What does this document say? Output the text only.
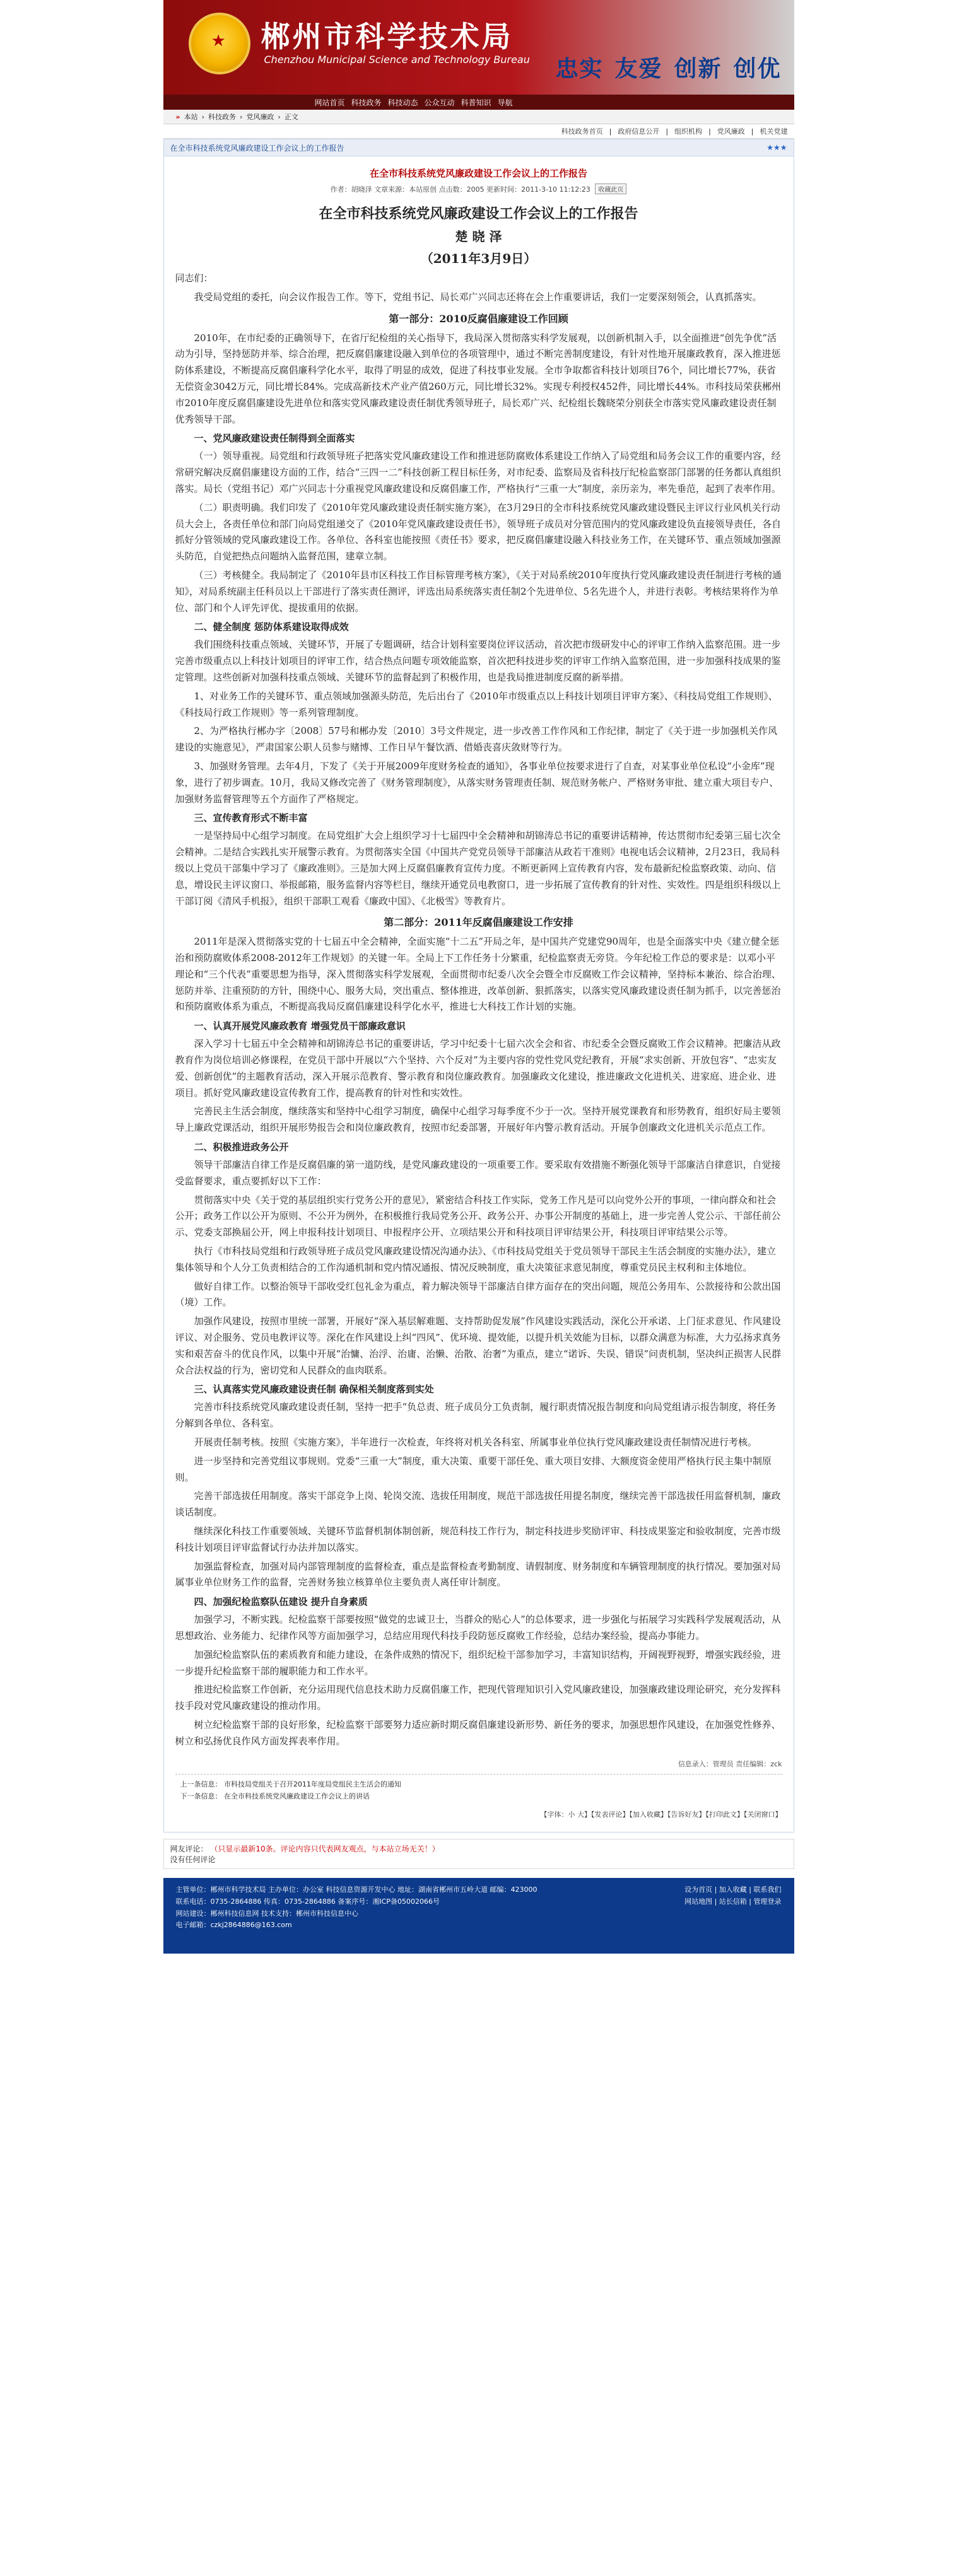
★ 郴州市科学技术局
Chenzhou Municipal Science and Technology Bureau 忠实 友爱 创新 创优
网站首页 科技政务 科技动态 公众互动 科普知识 导航
» 本站 › 科技政务 › 党风廉政 › 正文
科技政务首页 | 政府信息公开 | 组织机构 | 党风廉政 | 机关党建
在全市科技系统党风廉政建设工作会议上的工作报告	★★★
在全市科技系统党风廉政建设工作会议上的工作报告
作者：胡晓泽 文章来源：本站原创 点击数：2005 更新时间：2011-3-10 11:12:23 收藏此页
在全市科技系统党风廉政建设工作会议上的工作报告
楚 晓 泽
（2011年3月9日）

同志们：

我受局党组的委托，向会议作报告工作。等下，党组书记、局长邓广兴同志还将在会上作重要讲话，我们一定要深刻领会，认真抓落实。

第一部分：2010反腐倡廉建设工作回顾

2010年，在市纪委的正确领导下，在省厅纪检组的关心指导下，我局深入贯彻落实科学发展观，以创新机制入手，以全面推进“创先争优”活动为引导，坚持惩防并举、综合治理，把反腐倡廉建设融入到单位的各项管理中，通过不断完善制度建设，有针对性地开展廉政教育，深入推进惩防体系建设，不断提高反腐倡廉科学化水平，取得了明显的成效，促进了科技事业发展。全市争取都省科技计划项目76个，同比增长77%，获省无偿资金3042万元，同比增长84%。完成高新技术产业产值260万元，同比增长32%。实现专利授权452件，同比增长44%。市科技局荣获郴州市2010年度反腐倡廉建设先进单位和落实党风廉政建设责任制优秀领导班子，局长邓广兴、纪检组长魏晓荣分别获全市落实党风廉政建设责任制优秀领导干部。

一、党风廉政建设责任制得到全面落实

（一）领导重视。局党组和行政领导班子把落实党风廉政建设工作和推进惩防腐败体系建设工作纳入了局党组和局务会议工作的重要内容，经常研究解决反腐倡廉建设方面的工作，结合“三四一二”科技创新工程目标任务，对市纪委、监察局及省科技厅纪检监察部门部署的任务都认真组织落实。局长（党组书记）邓广兴同志十分重视党风廉政建设和反腐倡廉工作，严格执行“三重一大”制度，亲历亲为，率先垂范，起到了表率作用。

（二）职责明确。我们印发了《2010年党风廉政建设责任制实施方案》，在3月29日的全市科技系统党风廉政建设暨民主评议行业风机关行动员大会上，各责任单位和部门向局党组递交了《2010年党风廉政建设责任书》，领导班子成员对分管范围内的党风廉政建设负直接领导责任，各自抓好分管领域的党风廉政建设工作。各单位、各科室也能按照《责任书》要求，把反腐倡廉建设融入科技业务工作，在关键环节、重点领域加强源头防范，自觉把热点问题纳入监督范围，建章立制。

（三）考核健全。我局制定了《2010年县市区科技工作目标管理考核方案》，《关于对局系统2010年度执行党风廉政建设责任制进行考核的通知》，对局系统副主任科员以上干部进行了落实责任测评，评选出局系统落实责任制2个先进单位、5名先进个人，并进行表彰。考核结果将作为单位、部门和个人评先评优、提拔重用的依据。

二、健全制度 惩防体系建设取得成效

我们围绕科技重点领域、关键环节，开展了专题调研，结合计划科室要岗位评议活动，首次把市级研发中心的评审工作纳入监察范围。进一步完善市级重点以上科技计划项目的评审工作，结合热点问题专项效能监察，首次把科技进步奖的评审工作纳入监察范围，进一步加强科技成果的鉴定管理。这些创新对加强科技重点领域、关键环节的监督起到了积极作用，也是我局推进制度反腐的新举措。

1、对业务工作的关键环节、重点领域加强源头防范，先后出台了《2010年市级重点以上科技计划项目评审方案》、《科技局党组工作规则》、《科技局行政工作规则》等一系列管理制度。

2、为严格执行郴办字〔2008〕57号和郴办发〔2010〕3号文件规定，进一步改善工作作风和工作纪律，制定了《关于进一步加强机关作风建设的实施意见》，严肃国家公职人员参与赌博、工作日早午餐饮酒、借婚丧喜庆敛财等行为。

3、加强财务管理。去年4月，下发了《关于开展2009年度财务检查的通知》，各事业单位按要求进行了自查，对某事业单位私设“小金库”现象，进行了初步调查。10月，我局又修改完善了《财务管理制度》，从落实财务管理责任制、规范财务帐户、严格财务审批、建立重大项目专户、加强财务监督管理等五个方面作了严格规定。

三、宣传教育形式不断丰富

一是坚持局中心组学习制度。在局党组扩大会上组织学习十七届四中全会精神和胡锦涛总书记的重要讲话精神，传达贯彻市纪委第三届七次全会精神。二是结合实践扎实开展警示教育。为贯彻落实全国《中国共产党党员领导干部廉洁从政若干准则》电视电话会议精神，2月23日，我局科级以上党员干部集中学习了《廉政准则》。三是加大网上反腐倡廉教育宣传力度。不断更新网上宣传教育内容，发布最新纪检监察政策、动向、信息，增设民主评议窗口、举报邮箱，服务监督内容等栏目，继续开通党员电教窗口，进一步拓展了宣传教育的针对性、实效性。四是组织科级以上干部订阅《清风手机报》，组织干部职工观看《廉政中国》、《北极雪》等教育片。

第二部分：2011年反腐倡廉建设工作安排

2011年是深入贯彻落实党的十七届五中全会精神，全面实施“十二五”开局之年，是中国共产党建党90周年，也是全面落实中央《建立健全惩治和预防腐败体系2008-2012年工作规划》的关键一年。全局上下工作任务十分繁重，纪检监察责无旁贷。今年纪检工作总的要求是：以邓小平理论和“三个代表”重要思想为指导，深入贯彻落实科学发展观，全面贯彻市纪委八次全会暨全市反腐败工作会议精神，坚持标本兼治、综合治理、惩防并举、注重预防的方针，围绕中心、服务大局，突出重点、整体推进，改革创新、狠抓落实，以落实党风廉政建设责任制为抓手，以完善惩治和预防腐败体系为重点，不断提高我局反腐倡廉建设科学化水平，推进七大科技工作计划的实施。

一、认真开展党风廉政教育 增强党员干部廉政意识

深入学习十七届五中全会精神和胡锦涛总书记的重要讲话，学习中纪委十七届六次全会和省、市纪委全会暨反腐败工作会议精神。把廉洁从政教育作为岗位培训必修课程，在党员干部中开展以“六个坚持、六个反对”为主要内容的党性党风党纪教育，开展“求实创新、开放包容”、“忠实友爱、创新创优”的主题教育活动，深入开展示范教育、警示教育和岗位廉政教育。加强廉政文化建设，推进廉政文化进机关、进家庭、进企业、进项目。抓好党风廉政建设宣传教育工作，提高教育的针对性和实效性。

完善民主生活会制度，继续落实和坚持中心组学习制度，确保中心组学习每季度不少于一次。坚持开展党课教育和形势教育，组织好局主要领导上廉政党课活动，组织开展形势报告会和岗位廉政教育，按照市纪委部署，开展好年内警示教育活动。开展争创廉政文化进机关示范点工作。

二、积极推进政务公开

领导干部廉洁自律工作是反腐倡廉的第一道防线，是党风廉政建设的一项重要工作。要采取有效措施不断强化领导干部廉洁自律意识，自觉接受监督要求，重点要抓好以下工作：

贯彻落实中央《关于党的基层组织实行党务公开的意见》，紧密结合科技工作实际，党务工作凡是可以向党外公开的事项，一律向群众和社会公开；政务工作以公开为原则、不公开为例外，在积极推行我局党务公开、政务公开、办事公开制度的基础上，进一步完善人党公示、干部任前公示、党委支部换届公开，网上申报科技计划项目、申报程序公开、立项结果公开和科技项目评审结果公开，科技项目评审结果公示等。

执行《市科技局党组和行政领导班子成员党风廉政建设情况沟通办法》、《市科技局党组关于党员领导干部民主生活会制度的实施办法》，建立集体领导和个人分工负责相结合的工作沟通机制和党内情况通报、情况反映制度，重大决策征求意见制度，尊重党员民主权利和主体地位。

做好自律工作。以整治领导干部收受红包礼金为重点，着力解决领导干部廉洁自律方面存在的突出问题，规范公务用车、公款接待和公款出国（境）工作。

加强作风建设，按照市里统一部署，开展好“深入基层解难题、支持帮助促发展”作风建设实践活动，深化公开承诺、上门征求意见、作风建设评议、对企服务、党员电教评议等。深化在作风建设上纠“四风”、优环境、提效能，以提升机关效能为目标，以群众满意为标准，大力弘扬求真务实和艰苦奋斗的优良作风，以集中开展“治慵、治浮、治庸、治懒、治散、治奢”为重点，建立“诺诉、失误、错误”问责机制，坚决纠正损害人民群众合法权益的行为，密切党和人民群众的血肉联系。

三、认真落实党风廉政建设责任制 确保相关制度落到实处

完善市科技系统党风廉政建设责任制，坚持一把手“负总责、班子成员分工负责制，履行职责情况报告制度和向局党组请示报告制度，将任务分解到各单位、各科室。

开展责任制考核。按照《实施方案》，半年进行一次检查，年终将对机关各科室、所属事业单位执行党风廉政建设责任制情况进行考核。

进一步坚持和完善党组议事规则。党委“三重一大”制度，重大决策、重要干部任免、重大项目安排、大额度资金使用严格执行民主集中制原则。

完善干部选拔任用制度。落实干部竞争上岗、轮岗交流、选拔任用制度，规范干部选拔任用提名制度，继续完善干部选拔任用监督机制，廉政谈话制度。

继续深化科技工作重要领域、关键环节监督机制体制创新，规范科技工作行为，制定科技进步奖励评审、科技成果鉴定和验收制度，完善市级科技计划项目评审监督试行办法并加以落实。

加强监督检查，加强对局内部管理制度的监督检查，重点是监督检查考勤制度、请假制度、财务制度和车辆管理制度的执行情况。要加强对局属事业单位财务工作的监督，完善财务独立核算单位主要负责人离任审计制度。

四、加强纪检监察队伍建设 提升自身素质

加强学习，不断实践。纪检监察干部要按照“做党的忠诚卫士，当群众的贴心人”的总体要求，进一步强化与拓展学习实践科学发展观活动，从思想政治、业务能力、纪律作风等方面加强学习，总结应用现代科技手段防惩反腐败工作经验，总结办案经验，提高办事能力。

加强纪检监察队伍的素质教育和能力建设，在条件成熟的情况下，组织纪检干部参加学习，丰富知识结构，开阔视野视野，增强实践经验，进一步提升纪检监察干部的履职能力和工作水平。

推进纪检监察工作创新，充分运用现代信息技术助力反腐倡廉工作，把现代管理知识引入党风廉政建设，加强廉政建设理论研究，充分发挥科技手段对党风廉政建设的推动作用。

树立纪检监察干部的良好形象，纪检监察干部要努力适应新时期反腐倡廉建设新形势、新任务的要求，加强思想作风建设，在加强党性修养、树立和弘扬优良作风方面发挥表率作用。

信息录入：管理员 责任编辑：zck
上一条信息： 市科技局党组关于召开2011年度局党组民主生活会的通知
下一条信息： 在全市科技系统党风廉政建设工作会议上的讲话
【字体：小 大】【发表评论】【加入收藏】【告诉好友】【打印此文】【关闭窗口】
网友评论： （只显示最新10条。评论内容只代表网友观点，与本站立场无关！）
没有任何评论
主管单位：郴州市科学技术局 主办单位：办公室 科技信息资源开发中心 地址：湖南省郴州市五岭大道 邮编：423000
联系电话：0735-2864886 传真：0735-2864886 备案序号：湘ICP备05002066号
网站建设：郴州科技信息网 技术支持：郴州市科技信息中心
电子邮箱：czkj2864886@163.com
设为首页 | 加入收藏 | 联系我们
网站地图 | 站长信箱 | 管理登录
